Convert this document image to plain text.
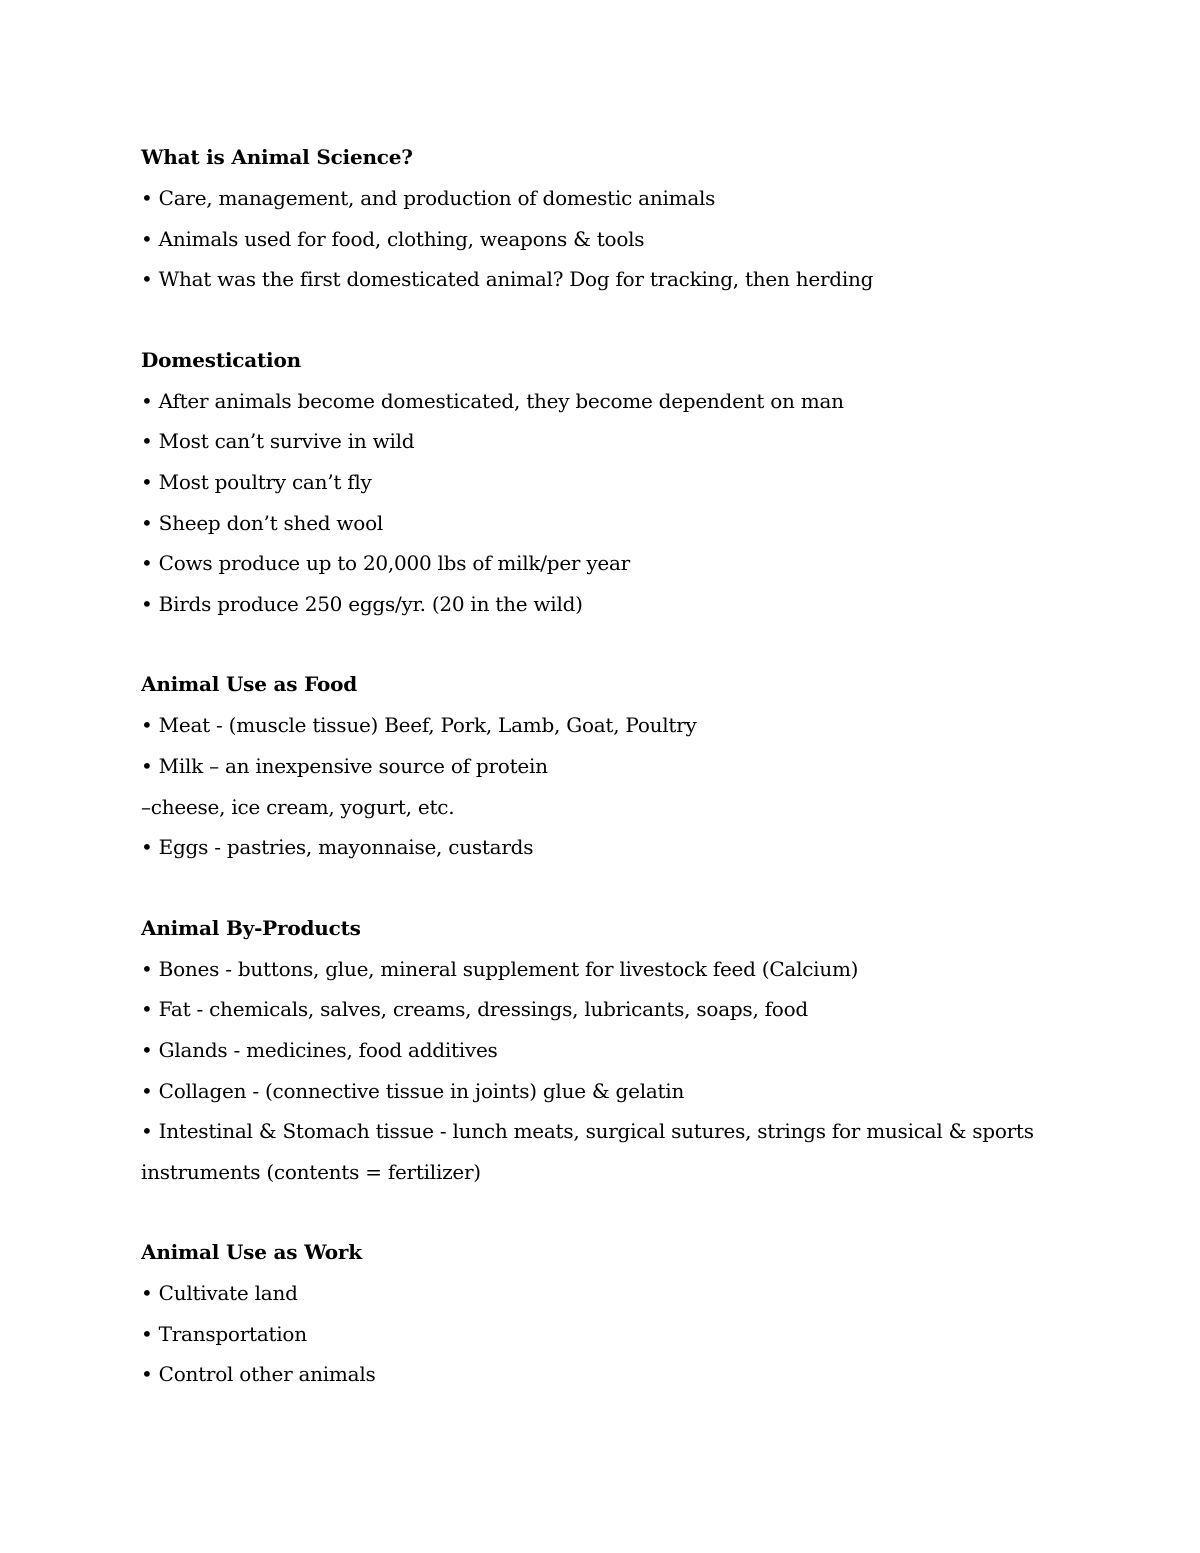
What is Animal Science?

• Care, management, and production of domestic animals

• Animals used for food, clothing, weapons & tools

• What was the first domesticated animal? Dog for tracking, then herding

Domestication

• After animals become domesticated, they become dependent on man

• Most can’t survive in wild

• Most poultry can’t fly

• Sheep don’t shed wool

• Cows produce up to 20,000 lbs of milk/per year

• Birds produce 250 eggs/yr. (20 in the wild)

Animal Use as Food

• Meat - (muscle tissue) Beef, Pork, Lamb, Goat, Poultry

• Milk – an inexpensive source of protein

–cheese, ice cream, yogurt, etc.

• Eggs - pastries, mayonnaise, custards

Animal By-Products

• Bones - buttons, glue, mineral supplement for livestock feed (Calcium)

• Fat - chemicals, salves, creams, dressings, lubricants, soaps, food

• Glands - medicines, food additives

• Collagen - (connective tissue in joints) glue & gelatin

• Intestinal & Stomach tissue - lunch meats, surgical sutures, strings for musical & sports

instruments (contents = fertilizer)

Animal Use as Work

• Cultivate land

• Transportation

• Control other animals
